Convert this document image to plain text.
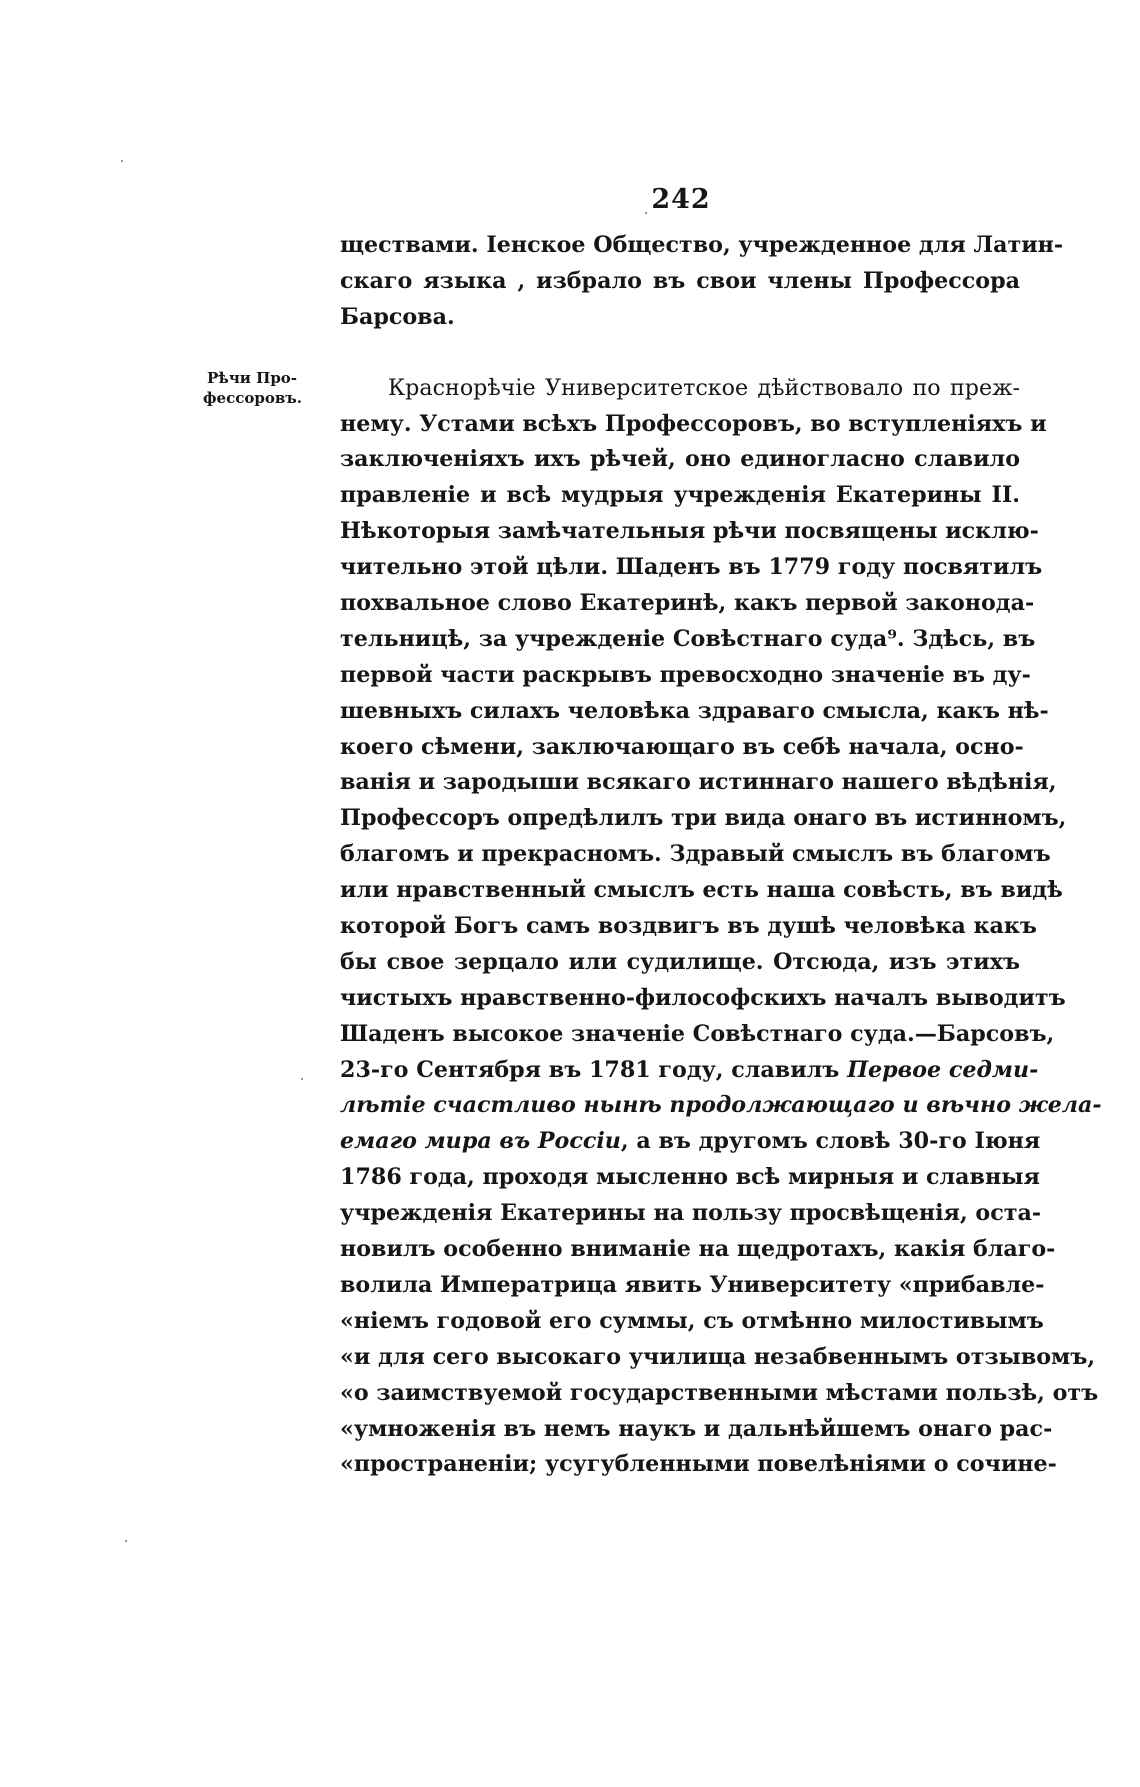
242
Рѣчи Про-
фессоровъ.
ществами. Іенское Общество, учрежденное для Латин-
скаго языка , избрало въ свои члены Профессора
Барсова.
Краснорѣчіе Университетское дѣйствовало по преж-
нему. Устами всѣхъ Профессоровъ, во вступленіяхъ и
заключеніяхъ ихъ рѣчей, оно единогласно славило
правленіе и всѣ мудрыя учрежденія Екатерины II.
Нѣкоторыя замѣчательныя рѣчи посвящены исклю-
чительно этой цѣли. Шаденъ въ 1779 году посвятилъ
похвальное слово Екатеринѣ, какъ первой законода-
тельницѣ, за учрежденіе Совѣстнаго суда⁹. Здѣсь, въ
первой части раскрывъ превосходно значеніе въ ду-
шевныхъ силахъ человѣка здраваго смысла, какъ нѣ-
коего сѣмени, заключающаго въ себѣ начала, осно-
ванія и зародыши всякаго истиннаго нашего вѣдѣнія,
Профессоръ опредѣлилъ три вида онаго въ истинномъ,
благомъ и прекрасномъ. Здравый смыслъ въ благомъ
или нравственный смыслъ есть наша совѣсть, въ видѣ
которой Богъ самъ воздвигъ въ душѣ человѣка какъ
бы свое зерцало или судилище. Отсюда, изъ этихъ
чистыхъ нравственно-философскихъ началъ выводитъ
Шаденъ высокое значеніе Совѣстнаго суда.—Барсовъ,
23-го Сентября въ 1781 году, славилъ Первое седми-
лѣтіе счастливо нынѣ продолжающаго и вѣчно жела-
емаго мира въ Россіи, а въ другомъ словѣ 30-го Іюня
1786 года, проходя мысленно всѣ мирныя и славныя
учрежденія Екатерины на пользу просвѣщенія, оста-
новилъ особенно вниманіе на щедротахъ, какія благо-
волила Императрица явить Университету «прибавле-
«ніемъ годовой его суммы, съ отмѣнно милостивымъ
«и для сего высокаго училища незабвеннымъ отзывомъ,
«о заимствуемой государственными мѣстами пользѣ, отъ
«умноженія въ немъ наукъ и дальнѣйшемъ онаго рас-
«пространеніи; усугубленными повелѣніями о сочине-
